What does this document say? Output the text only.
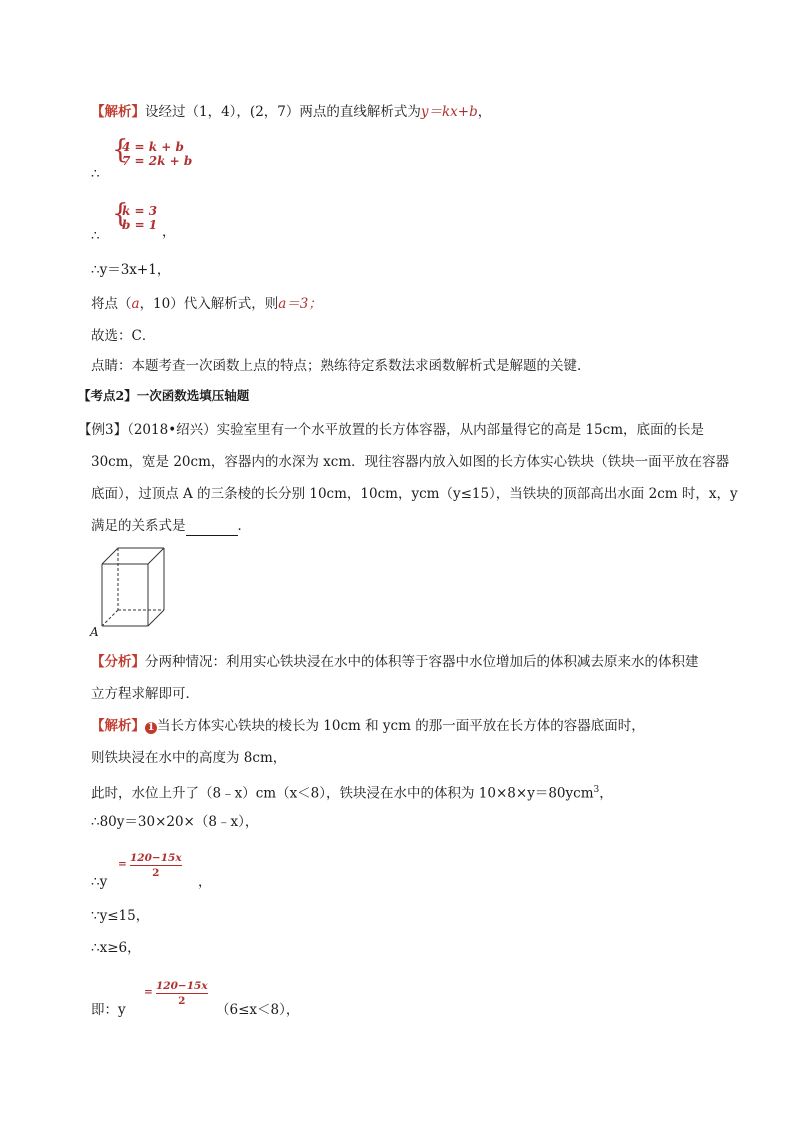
【解析】设经过（1，4），(2，7）两点的直线解析式为y＝kx+b，
∴
{
4 = k + b
7 = 2k + b
∴
{
k = 3
b = 1 ，
∴y＝3x+1，
将点（a，10）代入解析式，则a＝3；
故选：C．
点睛：本题考查一次函数上点的特点；熟练待定系数法求函数解析式是解题的关键．
【考点2】一次函数选填压轴题
【例3】（2018•绍兴）实验室里有一个水平放置的长方体容器，从内部量得它的高是 15cm，底面的长是
30cm，宽是 20cm，容器内的水深为 xcm．现往容器内放入如图的长方体实心铁块（铁块一面平放在容器
底面），过顶点 A 的三条棱的长分别 10cm，10cm，ycm（y≤15），当铁块的顶部高出水面 2cm 时，x，y
满足的关系式是	．
A
【分析】分两种情况：利用实心铁块浸在水中的体积等于容器中水位增加后的体积减去原来水的体积建
立方程求解即可．
【解析】 1 当长方体实心铁块的棱长为 10cm 和 ycm 的那一面平放在长方体的容器底面时，
则铁块浸在水中的高度为 8cm，
此时，水位上升了（8﹣x）cm（x＜8），铁块浸在水中的体积为 10×8×y＝80ycm$^3$，
∴80y＝30×20×（8﹣x），
∴y
= 120−15x
2
，
∵y≤15，
∴x≥6，
即：y
= 120−15x
2
（6≤x＜8），
